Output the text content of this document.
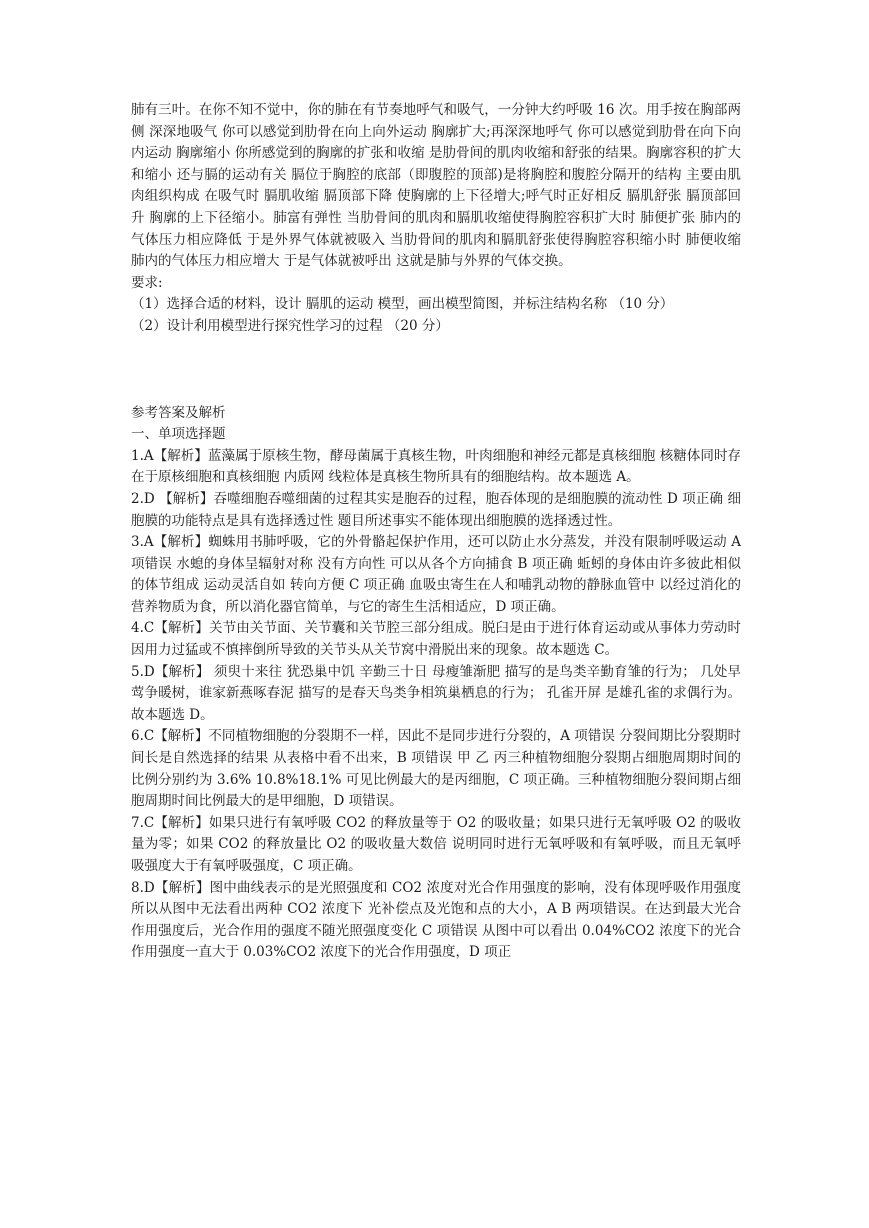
肺有三叶。在你不知不觉中，你的肺在有节奏地呼气和吸气，一分钟大约呼吸 16 次。用手按在胸部两侧 深深地吸气 你可以感觉到肋骨在向上向外运动 胸廓扩大;再深深地呼气 你可以感觉到肋骨在向下向内运动 胸廓缩小 你所感觉到的胸廓的扩张和收缩 是肋骨间的肌肉收缩和舒张的结果。胸廓容积的扩大和缩小 还与膈的运动有关 膈位于胸腔的底部（即腹腔的顶部)是将胸腔和腹腔分隔开的结构 主要由肌肉组织构成 在吸气时 膈肌收缩 膈顶部下降 使胸廓的上下径增大;呼气时正好相反 膈肌舒张 膈顶部回升 胸廓的上下径缩小。肺富有弹性 当肋骨间的肌肉和膈肌收缩使得胸腔容积扩大时 肺便扩张 肺内的气体压力相应降低 于是外界气体就被吸入 当肋骨间的肌肉和膈肌舒张使得胸腔容积缩小时 肺便收缩 肺内的气体压力相应增大 于是气体就被呼出 这就是肺与外界的气体交换。

要求:

（1）选择合适的材料，设计 膈肌的运动 模型，画出模型简图，并标注结构名称 （10 分）

（2）设计利用模型进行探究性学习的过程 （20 分）

参考答案及解析

一、单项选择题

1.A【解析】蓝藻属于原核生物，酵母菌属于真核生物，叶肉细胞和神经元都是真核细胞 核糖体同时存在于原核细胞和真核细胞 内质网 线粒体是真核生物所具有的细胞结构。故本题选 A。

2.D 【解析】吞噬细胞吞噬细菌的过程其实是胞吞的过程，胞吞体现的是细胞膜的流动性 D 项正确 细胞膜的功能特点是具有选择透过性 题目所述事实不能体现出细胞膜的选择透过性。

3.A【解析】蜘蛛用书肺呼吸，它的外骨骼起保护作用，还可以防止水分蒸发，并没有限制呼吸运动 A 项错误 水螅的身体呈辐射对称 没有方向性 可以从各个方向捕食 B 项正确 蚯蚓的身体由许多彼此相似的体节组成 运动灵活自如 转向方便 C 项正确 血吸虫寄生在人和哺乳动物的静脉血管中 以经过消化的营养物质为食，所以消化器官简单，与它的寄生生活相适应，D 项正确。

4.C【解析】关节由关节面、关节囊和关节腔三部分组成。脱臼是由于进行体育运动或从事体力劳动时 因用力过猛或不慎摔倒所导致的关节头从关节窝中滑脱出来的现象。故本题选 C。

5.D【解析】 须臾十来往 犹恐巢中饥 辛勤三十日 母瘦雏渐肥 描写的是鸟类辛勤育雏的行为； 几处早莺争暖树，谁家新燕啄春泥 描写的是春天鸟类争相筑巢栖息的行为； 孔雀开屏 是雄孔雀的求偶行为。故本题选 D。

6.C【解析】不同植物细胞的分裂期不一样，因此不是同步进行分裂的，A 项错误 分裂间期比分裂期时间长是自然选择的结果 从表格中看不出来，B 项错误 甲 乙 丙三种植物细胞分裂期占细胞周期时间的比例分别约为 3.6% 10.8%18.1% 可见比例最大的是丙细胞，C 项正确。三种植物细胞分裂间期占细胞周期时间比例最大的是甲细胞，D 项错误。

7.C【解析】如果只进行有氧呼吸 CO2 的释放量等于 O2 的吸收量；如果只进行无氧呼吸 O2 的吸收量为零；如果 CO2 的释放量比 O2 的吸收量大数倍 说明同时进行无氧呼吸和有氧呼吸，而且无氧呼吸强度大于有氧呼吸强度，C 项正确。

8.D【解析】图中曲线表示的是光照强度和 CO2 浓度对光合作用强度的影响，没有体现呼吸作用强度 所以从图中无法看出两种 CO2 浓度下 光补偿点及光饱和点的大小，A B 两项错误。在达到最大光合作用强度后，光合作用的强度不随光照强度变化 C 项错误 从图中可以看出 0.04%CO2 浓度下的光合作用强度一直大于 0.03%CO2 浓度下的光合作用强度，D 项正
